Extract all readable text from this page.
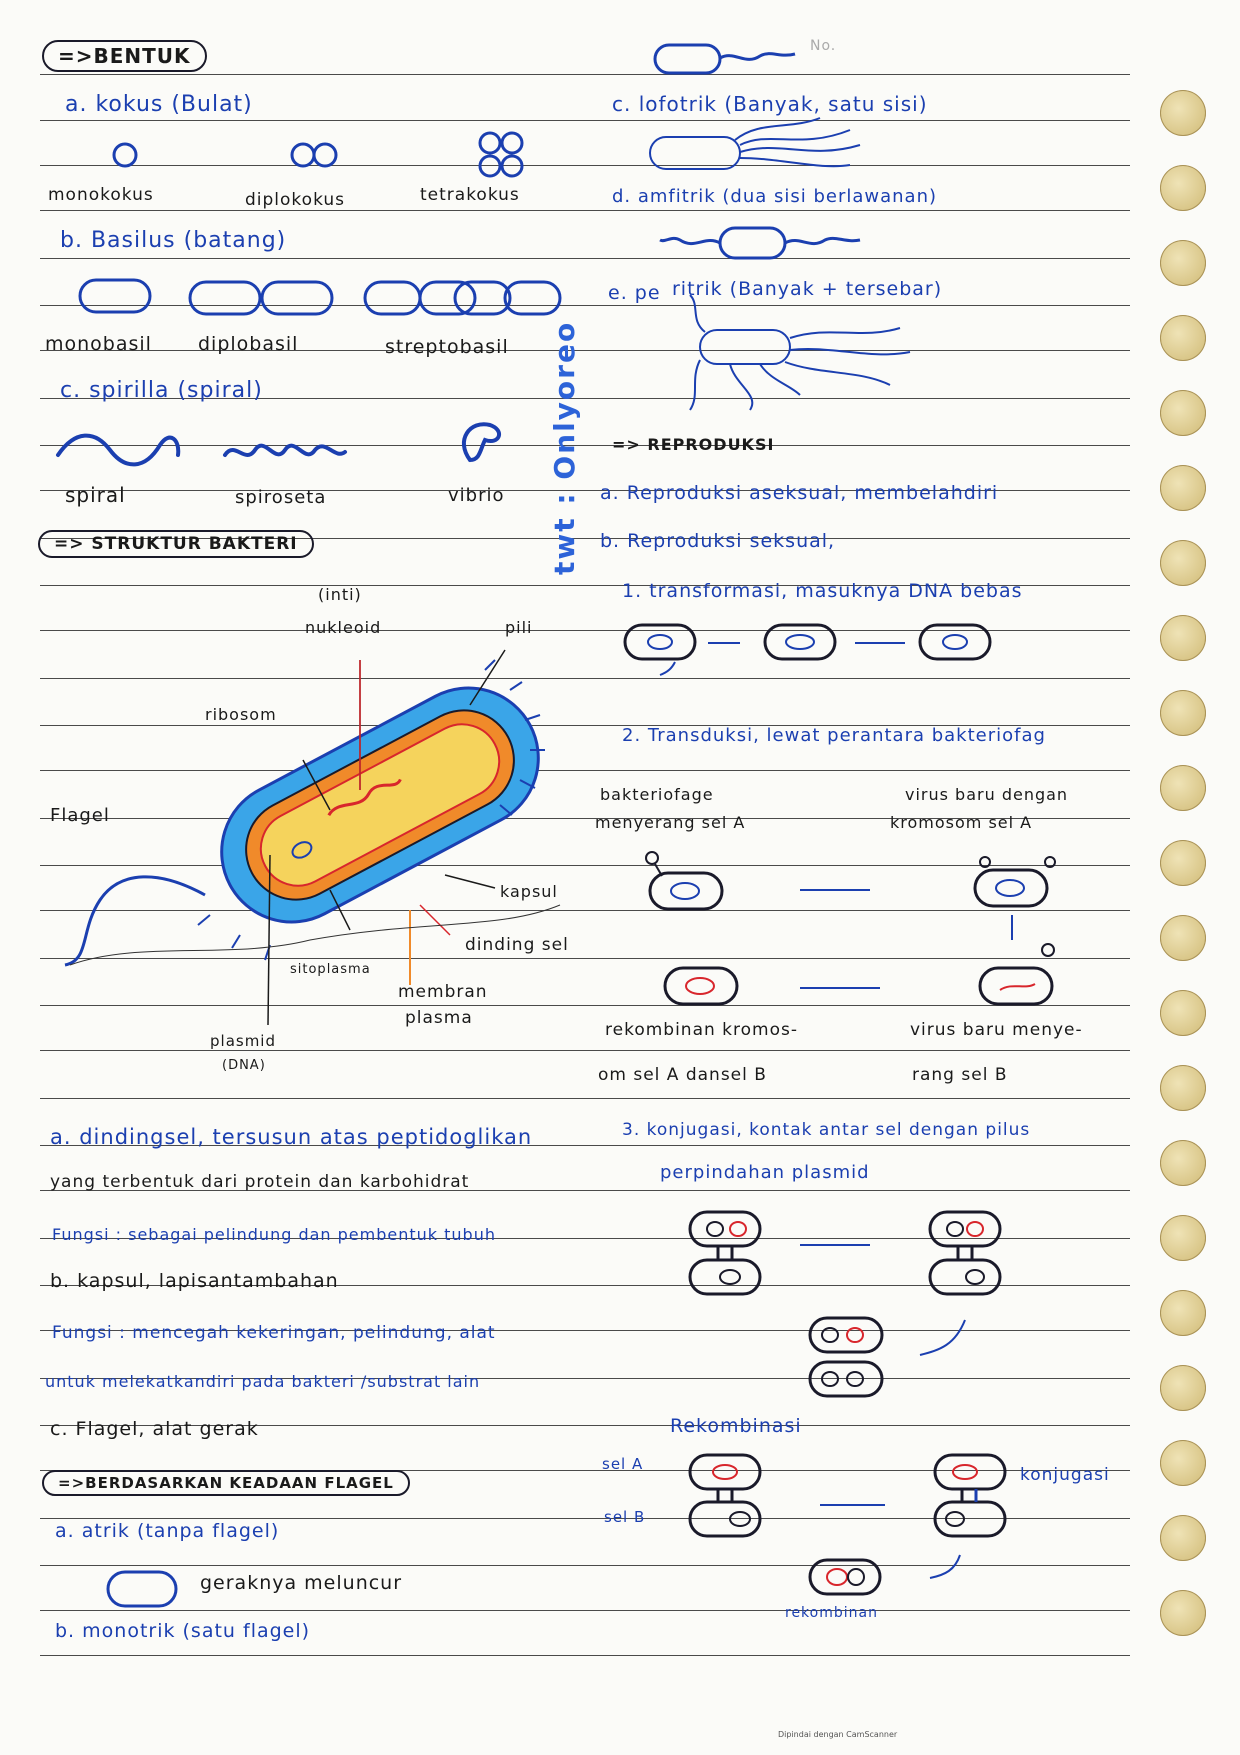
No.
=>BENTUK
a. kokus (Bulat)
monokokus	diplokokus	tetrakokus
b. Basilus (batang)
monobasil diplobasil	streptobasil
c. spirilla (spiral)
spiral	spiroseta	vibrio
=> STRUKTUR BAKTERI
(inti)
nukleoid	pili
ribosom
Flagel
kapsul
dinding sel
sitoplasma
membran
plasma
plasmid
(DNA)
a. dindingsel, tersusun atas peptidoglikan
yang terbentuk dari protein dan karbohidrat
Fungsi : sebagai pelindung dan pembentuk tubuh
b. kapsul, lapisantambahan
Fungsi : mencegah kekeringan, pelindung, alat
untuk melekatkandiri pada bakteri /substrat lain
c. Flagel, alat gerak
=>BERDASARKAN KEADAAN FLAGEL
a. atrik (tanpa flagel)
geraknya meluncur
b. monotrik (satu flagel)
c. lofotrik (Banyak, satu sisi)
d. amfitrik (dua sisi berlawanan)
e. pe ritrik (Banyak + tersebar)
=> REPRODUKSI
a. Reproduksi aseksual, membelahdiri
b. Reproduksi seksual,
1. transformasi, masuknya DNA bebas
2. Transduksi, lewat perantara bakteriofag
bakteriofage
menyerang sel A
virus baru dengan
kromosom sel A
rekombinan kromos-
om sel A dansel B
virus baru menye-
rang sel B
3. konjugasi, kontak antar sel dengan pilus
perpindahan plasmid
Rekombinasi
sel A
sel B
konjugasi
rekombinan
twt : Onlyoreo
Dipindai dengan CamScanner
